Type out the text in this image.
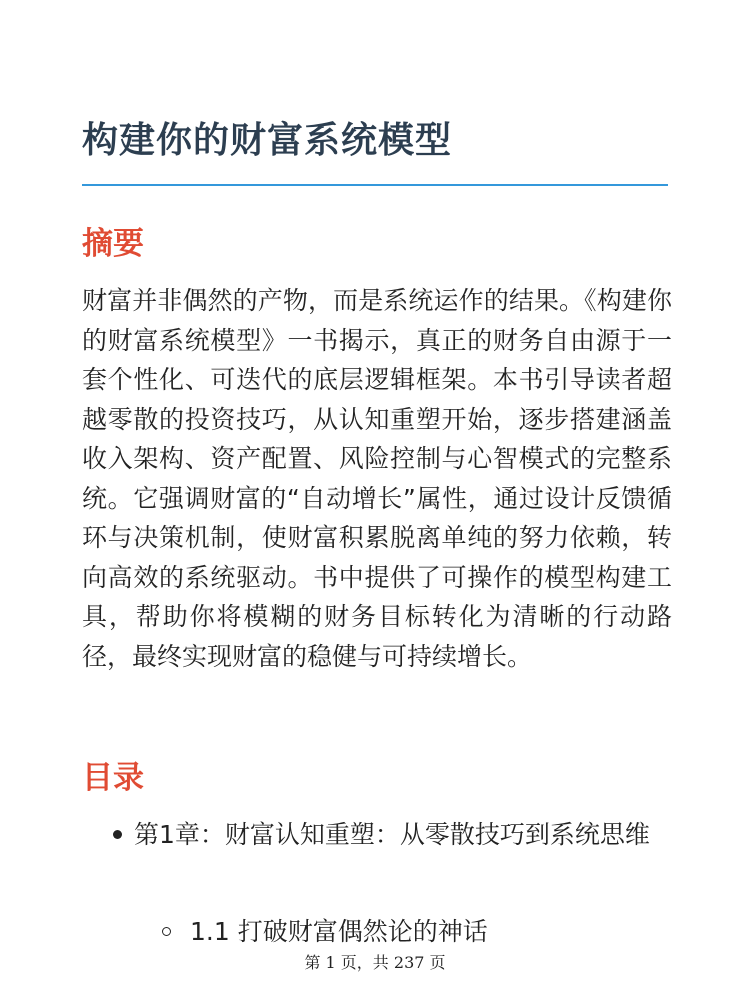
构建你的财富系统模型
摘要

财富并非偶然的产物，而是系统运作的结果。《构建你的财富系统模型》一书揭示，真正的财务自由源于一套个性化、可迭代的底层逻辑框架。本书引导读者超越零散的投资技巧，从认知重塑开始，逐步搭建涵盖收入架构、资产配置、风险控制与心智模式的完整系统。它强调财富的“自动增长”属性，通过设计反馈循环与决策机制，使财富积累脱离单纯的努力依赖，转向高效的系统驱动。书中提供了可操作的模型构建工具，帮助你将模糊的财务目标转化为清晰的行动路径，最终实现财富的稳健与可持续增长。

目录
第1章：财富认知重塑：从零散技巧到系统思维
1.1 打破财富偶然论的神话
第 1 页，共 237 页
